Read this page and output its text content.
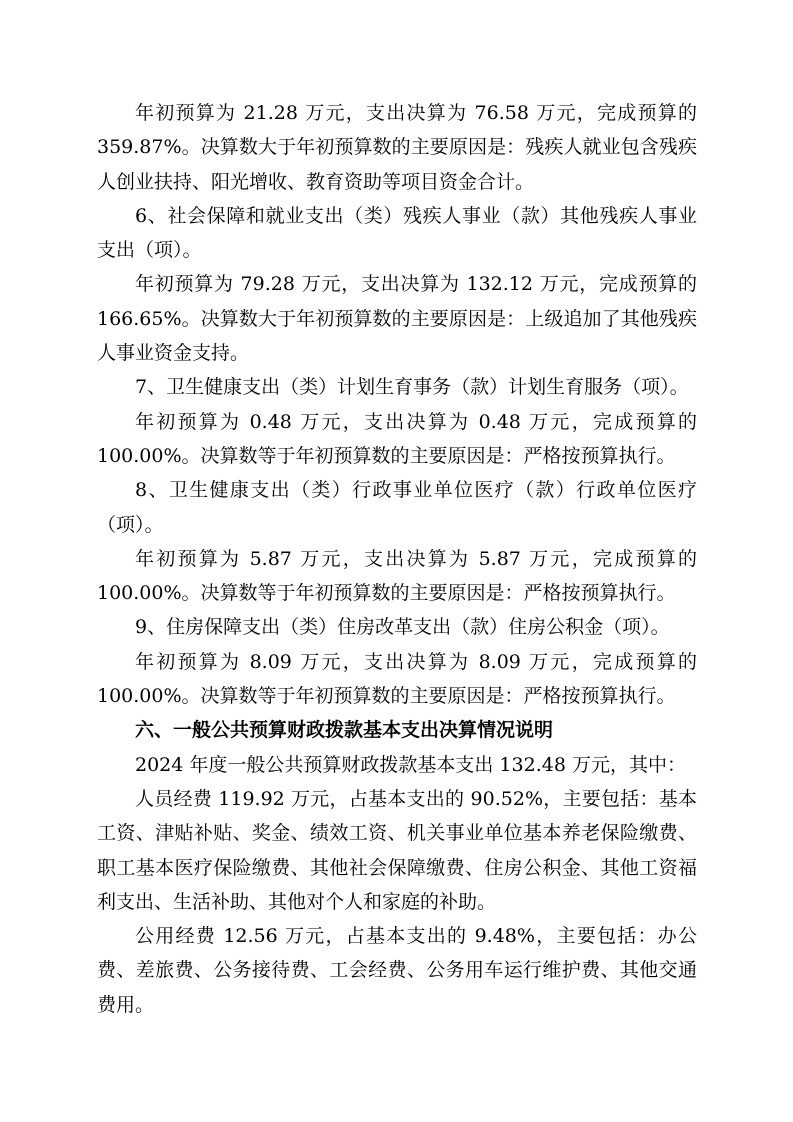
年初预算为 21.28 万元，支出决算为 76.58 万元，完成预算的 359.87%。决算数大于年初预算数的主要原因是：残疾人就业包含残疾人创业扶持、阳光增收、教育资助等项目资金合计。

6、社会保障和就业支出（类）残疾人事业（款）其他残疾人事业支出（项）。

年初预算为 79.28 万元，支出决算为 132.12 万元，完成预算的 166.65%。决算数大于年初预算数的主要原因是：上级追加了其他残疾人事业资金支持。

7、卫生健康支出（类）计划生育事务（款）计划生育服务（项）。

年初预算为 0.48 万元，支出决算为 0.48 万元，完成预算的 100.00%。决算数等于年初预算数的主要原因是：严格按预算执行。

8、卫生健康支出（类）行政事业单位医疗（款）行政单位医疗（项）。

年初预算为 5.87 万元，支出决算为 5.87 万元，完成预算的 100.00%。决算数等于年初预算数的主要原因是：严格按预算执行。

9、住房保障支出（类）住房改革支出（款）住房公积金（项）。

年初预算为 8.09 万元，支出决算为 8.09 万元，完成预算的 100.00%。决算数等于年初预算数的主要原因是：严格按预算执行。

六、一般公共预算财政拨款基本支出决算情况说明

2024 年度一般公共预算财政拨款基本支出 132.48 万元，其中：

人员经费 119.92 万元，占基本支出的 90.52%，主要包括：基本工资、津贴补贴、奖金、绩效工资、机关事业单位基本养老保险缴费、职工基本医疗保险缴费、其他社会保障缴费、住房公积金、其他工资福利支出、生活补助、其他对个人和家庭的补助。

公用经费 12.56 万元，占基本支出的 9.48%，主要包括：办公费、差旅费、公务接待费、工会经费、公务用车运行维护费、其他交通费用。
